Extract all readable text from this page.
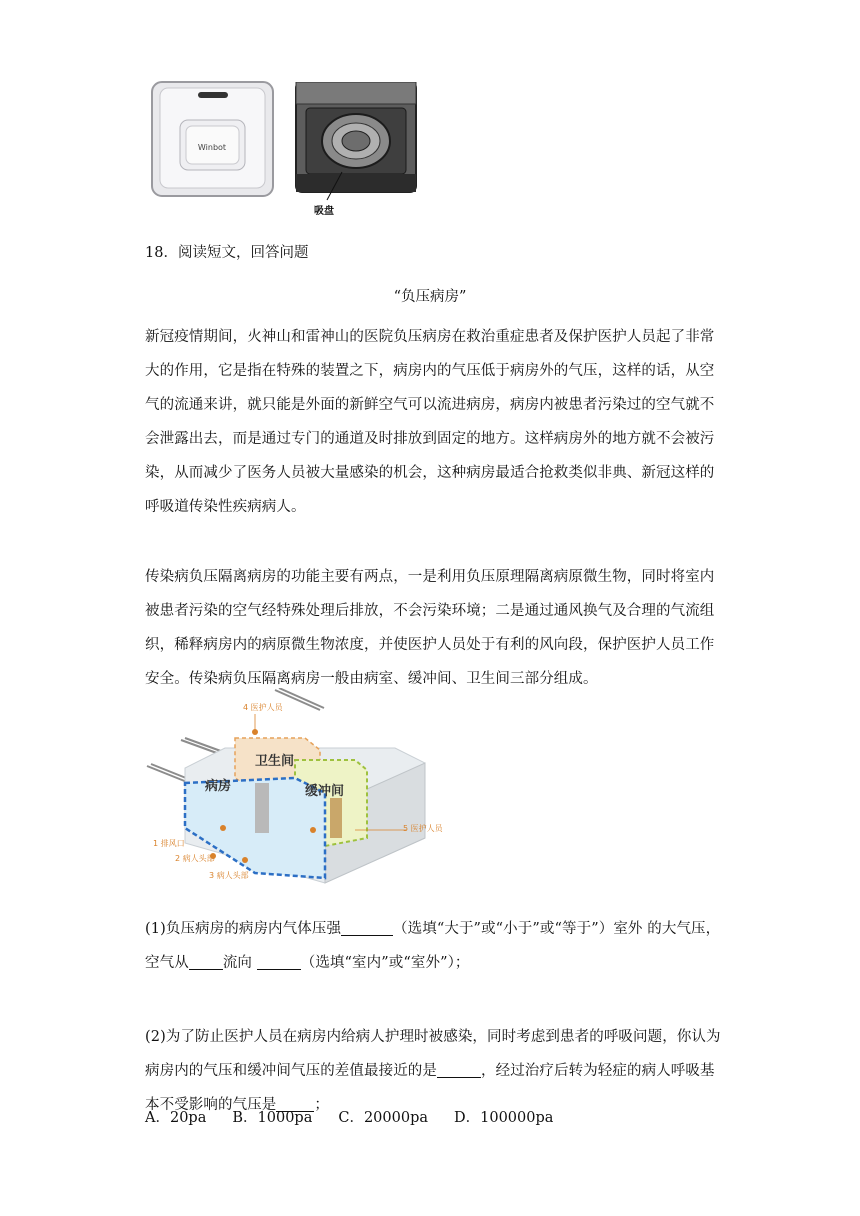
Winbot
吸盘
18．阅读短文，回答问题
“负压病房”

新冠疫情期间，火神山和雷神山的医院负压病房在救治重症患者及保护医护人员起了非常大的作用，它是指在特殊的装置之下，病房内的气压低于病房外的气压，这样的话，从空气的流通来讲，就只能是外面的新鲜空气可以流进病房，病房内被患者污染过的空气就不会泄露出去，而是通过专门的通道及时排放到固定的地方。这样病房外的地方就不会被污染，从而减少了医务人员被大量感染的机会，这种病房最适合抢救类似非典、新冠这样的呼吸道传染性疾病病人。

传染病负压隔离病房的功能主要有两点，一是利用负压原理隔离病原微生物，同时将室内被患者污染的空气经特殊处理后排放，不会污染环境；二是通过通风换气及合理的气流组织，稀释病房内的病原微生物浓度，并使医护人员处于有利的风向段，保护医护人员工作安全。传染病负压隔离病房一般由病室、缓冲间、卫生间三部分组成。

病房
卫生间
缓冲间
1 排风口
2 病人头部
3 病人头部
4 医护人员
5 医护人员

(1)负压病房的病房内气体压强	（选填“大于”或“小于”或“等于”）室外 的大气压，空气从 流向	（选填“室内”或“室外”）；

(2)为了防止医护人员在病房内给病人护理时被感染，同时考虑到患者的呼吸问题，你认为病房内的气压和缓冲间气压的差值最接近的是	，经过治疗后转为轻症的病人呼吸基本不受影响的气压是	；

A．20pa B．1000pa C．20000pa D．100000pa
